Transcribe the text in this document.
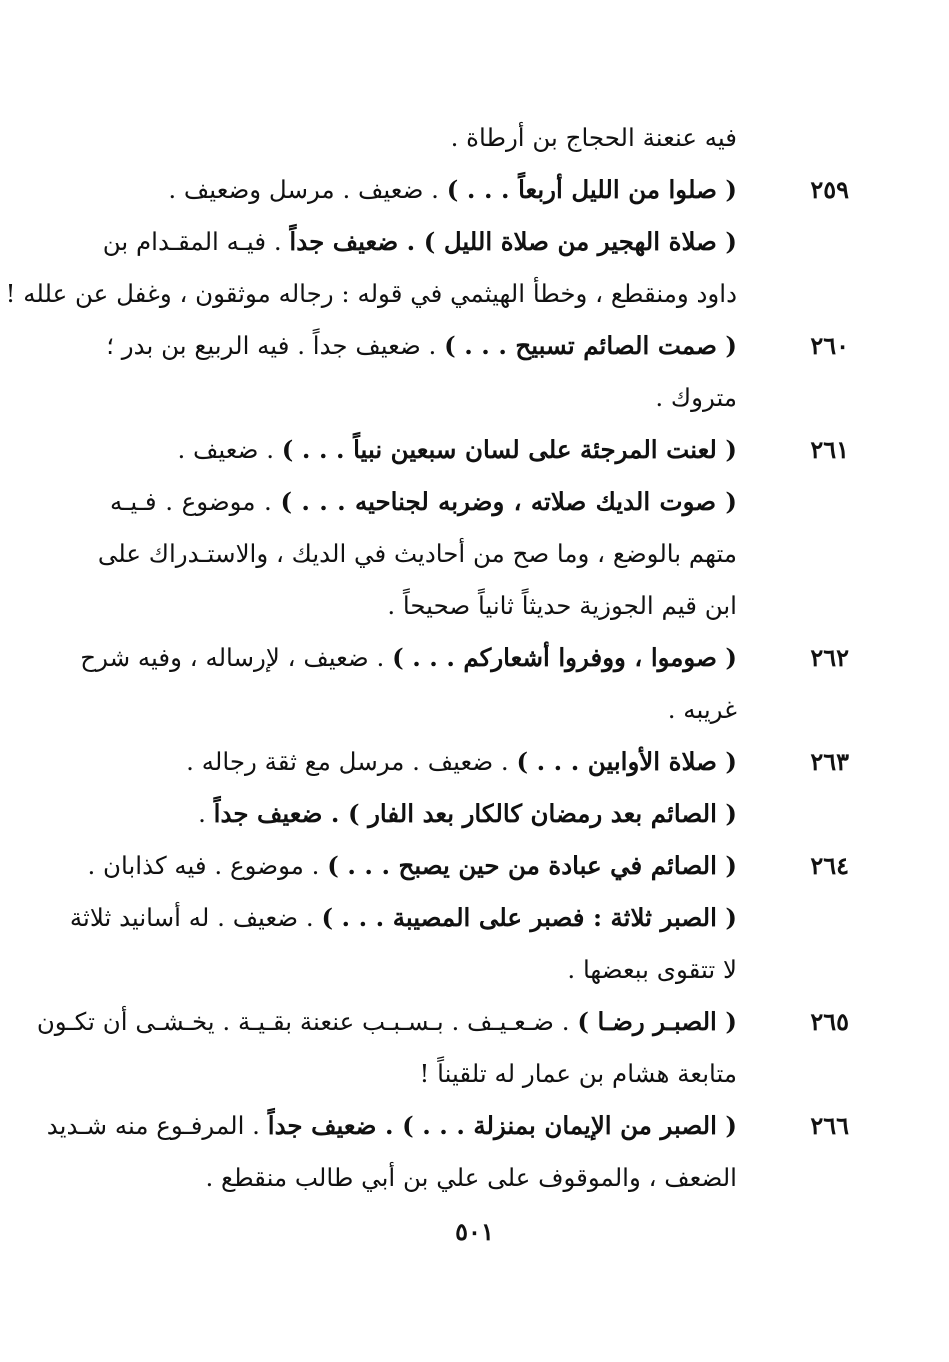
فيه عنعنة الحجاج بن أرطاة .
٢٥٩
( صلوا من الليل أربعاً . . . ) . ضعيف . مرسل وضعيف .
( صلاة الهجير من صلاة الليل ) . ضعيف جداً . فيـه المقـدام بن
داود ومنقطع ، وخطأ الهيثمي في قوله : رجاله موثقون ، وغفل عن علله !
٢٦٠
( صمت الصائم تسبيح . . . ) . ضعيف جداً . فيه الربيع بن بدر ؛
متروك .
٢٦١
( لعنت المرجئة على لسان سبعين نبياً . . . ) . ضعيف .
( صوت الديك صلاته ، وضربه لجناحيه . . . ) . موضوع . فـيـه
متهم بالوضع ، وما صح من أحاديث في الديك ، والاستـدراك على
ابن قيم الجوزية حديثاً ثانياً صحيحاً .
٢٦٢
( صوموا ، ووفروا أشعاركم . . . ) . ضعيف ، لإرساله ، وفيه شرح
غريبه .
٢٦٣
( صلاة الأوابين . . . ) . ضعيف . مرسل مع ثقة رجاله .
( الصائم بعد رمضان كالكار بعد الفار ) . ضعيف جداً .
٢٦٤
( الصائم في عبادة من حين يصبح . . . ) . موضوع . فيه كذابان .
( الصبر ثلاثة : فصبر على المصيبة . . . ) . ضعيف . له أسانيد ثلاثة
لا تتقوى ببعضها .
٢٦٥
( الصبـر رضـا ) . ضـعـيـف . بـسـبـب عنعنة بقـيـة . يخـشـى أن تكـون
متابعة هشام بن عمار له تلقيناً !
٢٦٦
( الصبر من الإيمان بمنزلة . . . ) . ضعيف جداً . المرفـوع منه شـديد
الضعف ، والموقوف على علي بن أبي طالب منقطع .
٥٠١
